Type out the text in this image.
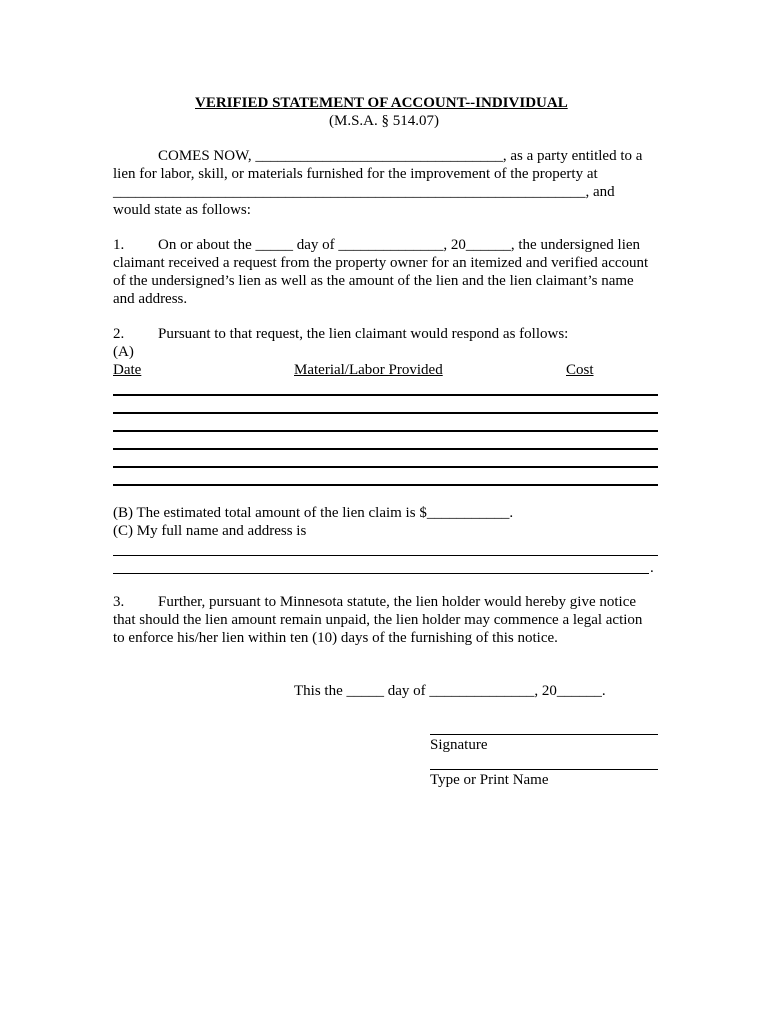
VERIFIED STATEMENT OF ACCOUNT--INDIVIDUAL
(M.S.A. § 514.07)
COMES NOW, _________________________________, as a party entitled to a
lien for labor, skill, or materials furnished for the improvement of the property at
_______________________________________________________________, and
would state as follows:
1. On or about the _____ day of ______________, 20______, the undersigned lien
claimant received a request from the property owner for an itemized and verified account
of the undersigned’s lien as well as the amount of the lien and the lien claimant’s name
and address.
2. Pursuant to that request, the lien claimant would respond as follows:
(A)
Date	Material/Labor Provided	Cost
(B) The estimated total amount of the lien claim is $___________.
(C) My full name and address is
.
3. Further, pursuant to Minnesota statute, the lien holder would hereby give notice
that should the lien amount remain unpaid, the lien holder may commence a legal action
to enforce his/her lien within ten (10) days of the furnishing of this notice.
This the _____ day of ______________, 20______.
Signature
Type or Print Name
